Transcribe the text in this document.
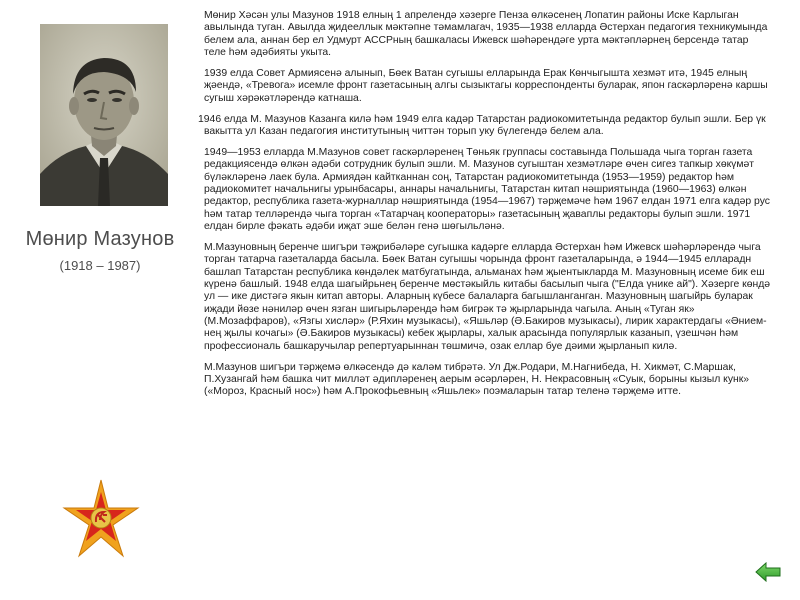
Мөнир Мазунов
(1918 – 1987)

Мөнир Хәсән улы Мазунов 1918 елның 1 апрелендә хәзерге Пенза өлкәсенең Лопатин районы Иске Карлыган авылында туган. Авылда җидееллык мәктәпне тәмамлагач, 1935—1938 елларда Әстерхан педагогия техникумында белем ала, аннан бер ел Удмурт АССРның башкаласы Ижевск шәһәрендәге урта мәктәпләрнең берсендә татар теле һәм әдәбияты укыта.

1939 елда Совет Армиясенә алынып, Бөек Ватан сугышы елларында Ерак Көнчыгышта хезмәт итә, 1945 елның җәендә, «Тревога» исемле фронт газетасының алгы сызыктагы корреспонденты буларак, япон гаскәрләренә каршы сугыш хәрәкәтләрендә катнаша.

1946 елда М. Мазунов Казанга килә һәм 1949 елга кадәр Татарстан радиокомитетында редактор булып эшли. Бер үк вакытта ул Казан педагогия институтының читтән торып уку бүлегендә белем ала.

1949—1953 елларда М.Мазунов совет гаскәрләренең Төньяк группасы составында Польшада чыга торган газета редакциясендә өлкән әдәби сотрудник булып эшли. М. Мазунов сугыштан хезмәтләре өчен сигез тапкыр хөкүмәт бүләкләренә лаек була. Армиядән кайтканнан соң, Татарстан радиокомитетында (1953—1959) редактор һәм радиокомитет начальнигы урынбасары, аннары начальнигы, Татарстан китап нәшриятында (1960—1963) өлкән редактор, республика газета-журналлар нәшриятында (1954—1967) тәрҗемәче һәм 1967 елдан 1971 елга кадәр рус һәм татар телләрендә чыга торган «Татарчаң кооператоры» газетасының җаваплы редакторы булып эшли. 1971 елдан бирле фәкать әдәби иҗат эше белән генә шөгыльләнә.

М.Мазуновның беренче шигъри тәҗрибәләре сугышка кадәрге елларда Әстерхан һәм Ижевск шәһәрләрендә чыга торган татарча газеталарда басыла. Бөек Ватан сугышы чорында фронт газеталарында, ә 1944—1945 елларадн башлап Татарстан республика көндәлек матбугатында, альманах һәм җыентыкларда М. Мазуновның исеме бик еш күренә башлый. 1948 елда шагыйрьнең беренче мөстәкыйль китабы басылып чыга ("Елда үнике ай"). Хәзерге көндә ул — ике дистәгә якын китап авторы. Аларның күбесе балаларга багышланганган. Мазуновның шагыйрь буларак иҗади йөзе нәниләр өчен язган шигырьләрендә һәм бигрәк тә җырларында чагыла. Аның «Туган як» (М.Мозаффаров), «Язгы хисләр» (Р.Яхин музыкасы), «Яшьләр (Ә.Бакиров музыкасы), лирик характердагы «Әниемнең җылы кочагы» (Ә.Бакиров музыкасы) кебек җырлары, халык арасында популярлык казанып, үзешчән һәм профессиональ башкаручылар репертуарыннан төшмичә, озак еллар буе дәими җырланып килә.

М.Мазунов шигъри тәрҗемә өлкәсендә дә каләм тибрәтә. Ул Дж.Родари, М.Нагнибеда, Н. Хикмәт, С.Маршак, П.Хузангай һәм башка чит милләт әдипләренең аерым әсәрләрен, Н. Некрасовның «Суык, борыны кызыл кунк» («Мороз, Красный нос») һәм А.Прокофьевның «Яшьлек» поэмаларын татар теленә тәрҗемә итте.
